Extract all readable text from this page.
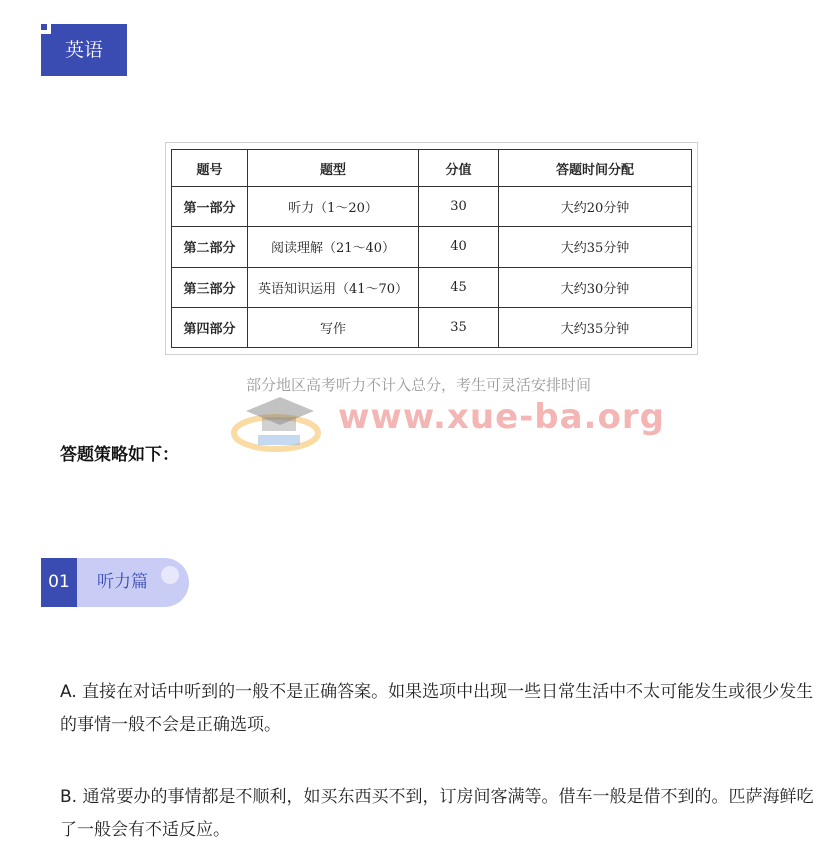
英语
题号	题型	分值	答题时间分配
第一部分	听力（1～20）	30	大约20分钟
第二部分	阅读理解（21～40）	40	大约35分钟
第三部分	英语知识运用（41～70）	45	大约30分钟
第四部分	写作	35	大约35分钟
部分地区高考听力不计入总分，考生可灵活安排时间
www.xue-ba.org
答题策略如下：
01	听力篇
A. 直接在对话中听到的一般不是正确答案。如果选项中出现一些日常生活中不太可能发生或很少发生的事情一般不会是正确选项。
B. 通常要办的事情都是不顺利，如买东西买不到，订房间客满等。借车一般是借不到的。匹萨海鲜吃了一般会有不适反应。
